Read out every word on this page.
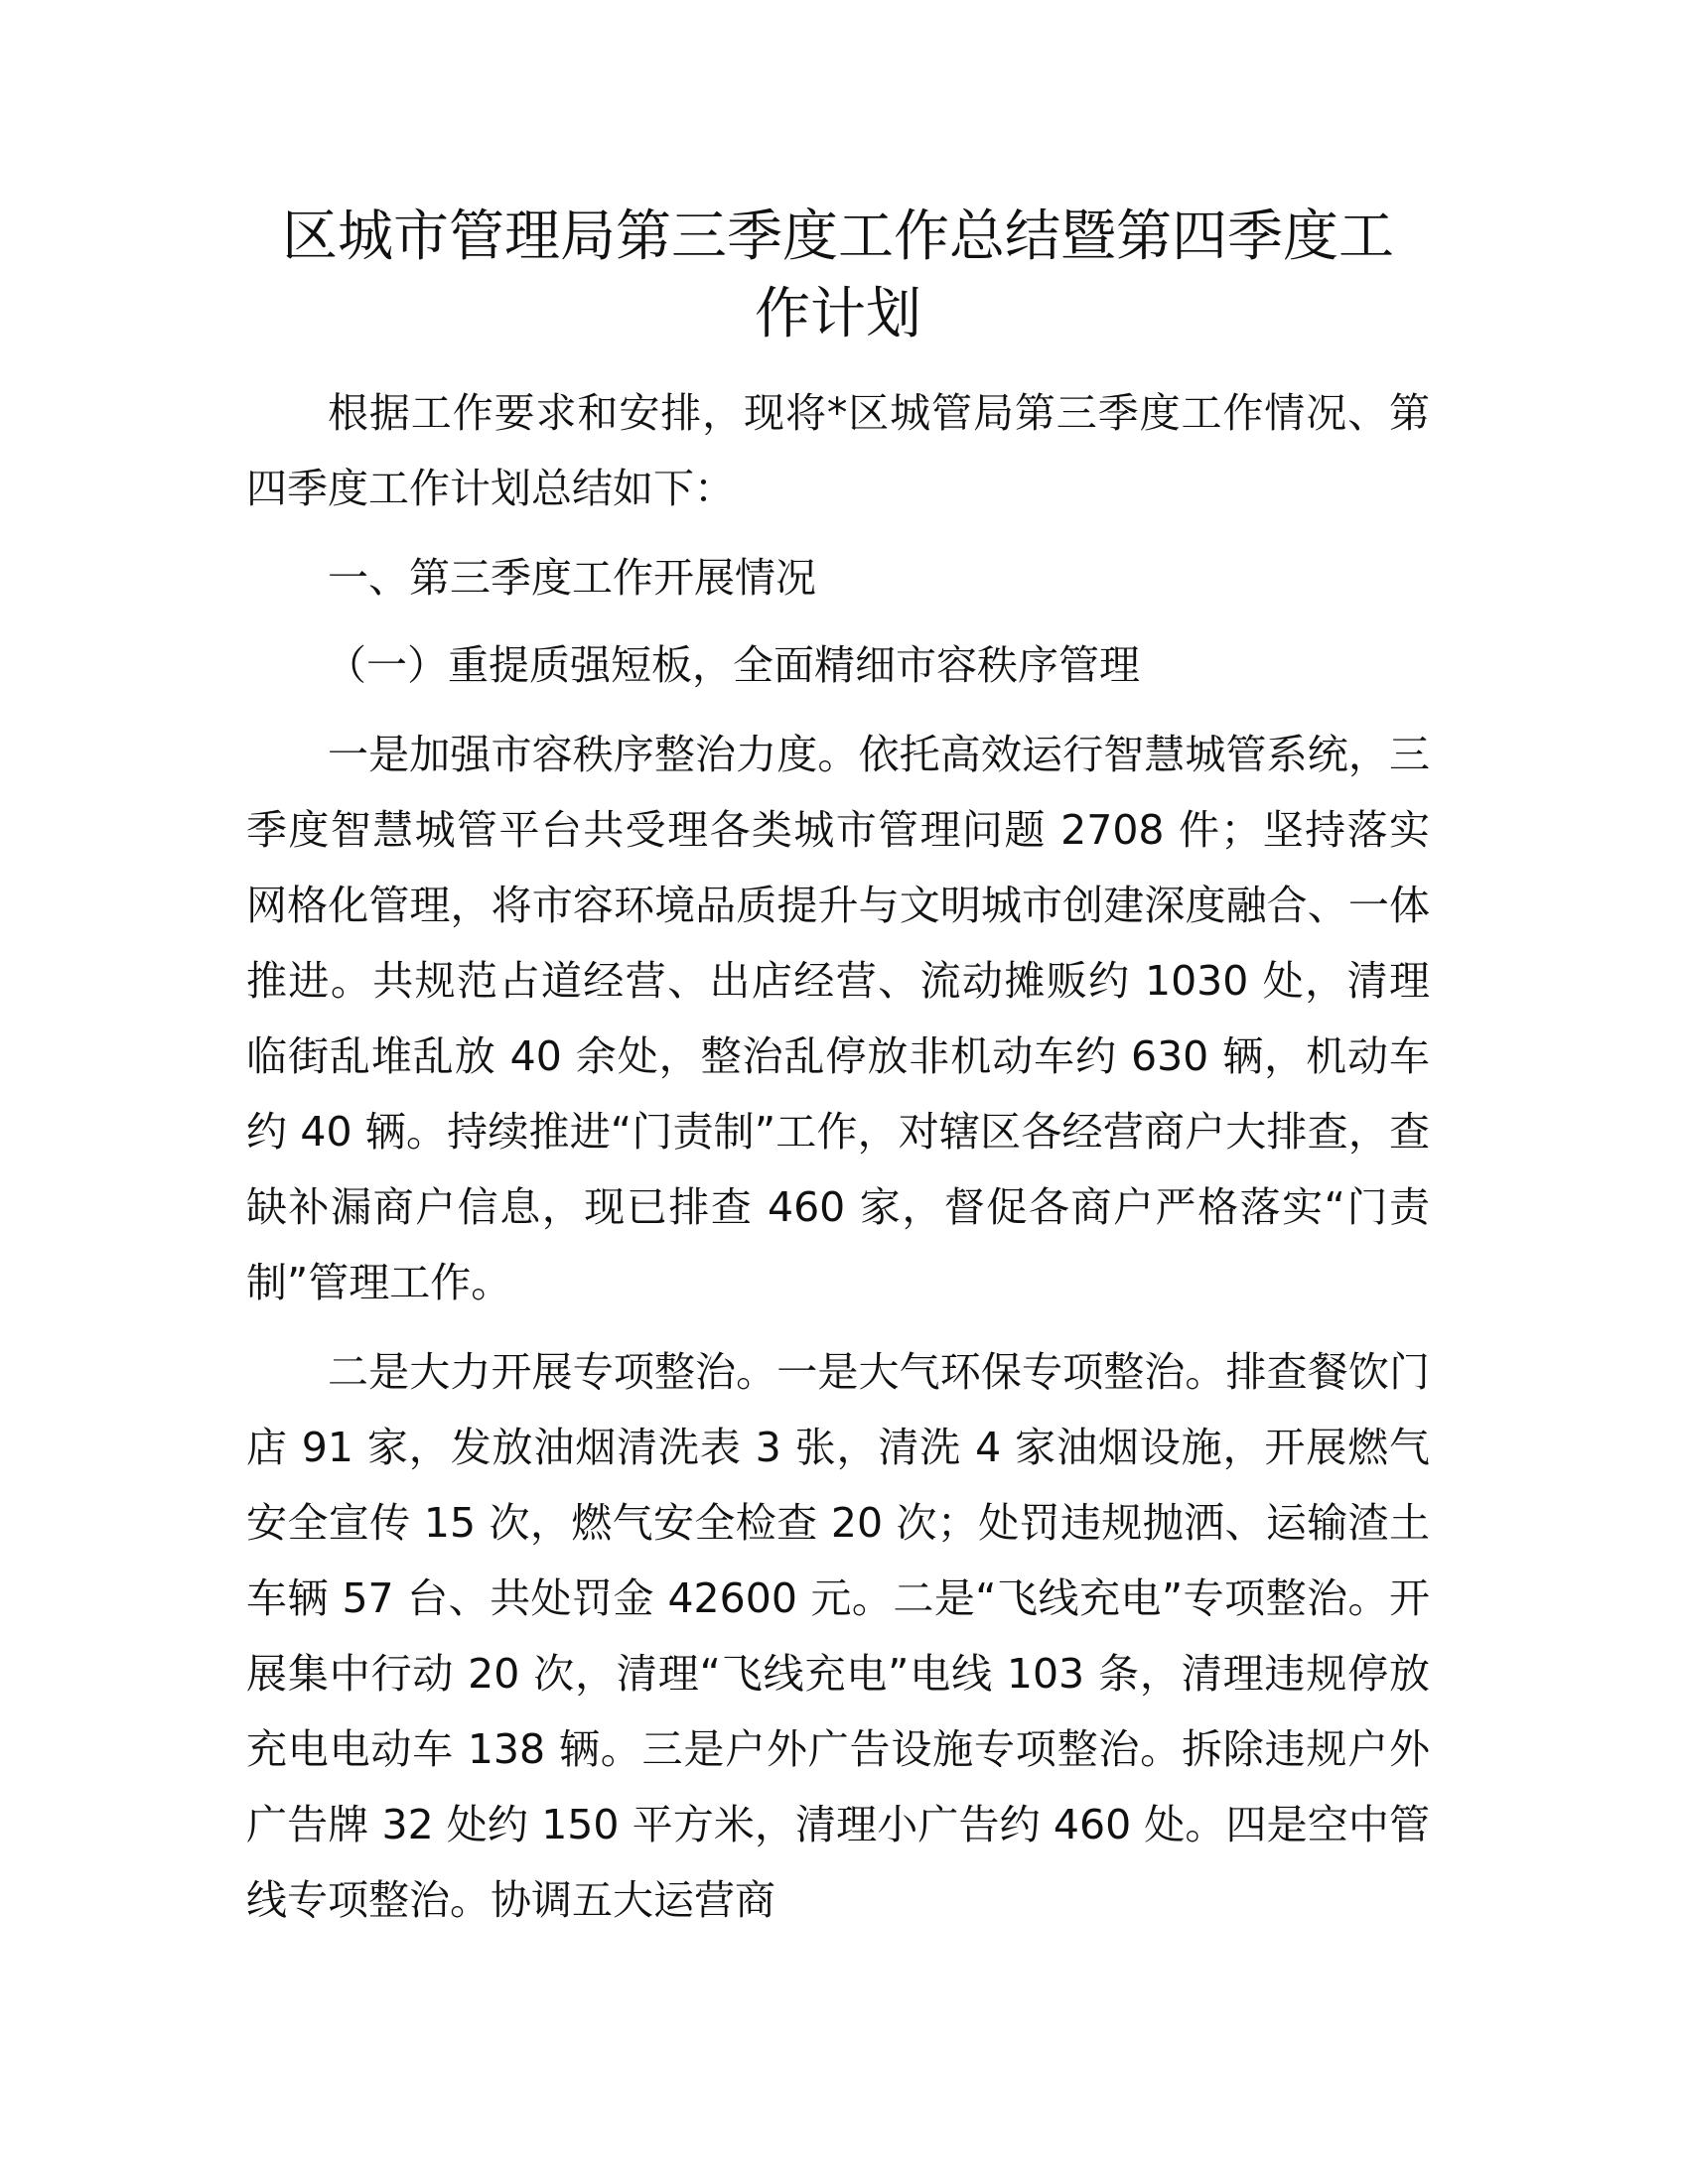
区城市管理局第三季度工作总结暨第四季度工
作计划

根据工作要求和安排，现将*区城管局第三季度工作情况、第四季度工作计划总结如下：

一、第三季度工作开展情况

（一）重提质强短板，全面精细市容秩序管理

一是加强市容秩序整治力度。依托高效运行智慧城管系统，三季度智慧城管平台共受理各类城市管理问题 2708 件；坚持落实网格化管理，将市容环境品质提升与文明城市创建深度融合、一体推进。共规范占道经营、出店经营、流动摊贩约 1030 处，清理临街乱堆乱放 40 余处，整治乱停放非机动车约 630 辆，机动车约 40 辆。持续推进“门责制”工作，对辖区各经营商户大排查，查缺补漏商户信息，现已排查 460 家，督促各商户严格落实“门责制”管理工作。

二是大力开展专项整治。一是大气环保专项整治。排查餐饮门店 91 家，发放油烟清洗表 3 张，清洗 4 家油烟设施，开展燃气安全宣传 15 次，燃气安全检查 20 次；处罚违规抛洒、运输渣土车辆 57 台、共处罚金 42600 元。二是“飞线充电”专项整治。开展集中行动 20 次，清理“飞线充电”电线 103 条，清理违规停放充电电动车 138 辆。三是户外广告设施专项整治。拆除违规户外广告牌 32 处约 150 平方米，清理小广告约 460 处。四是空中管线专项整治。协调五大运营商
